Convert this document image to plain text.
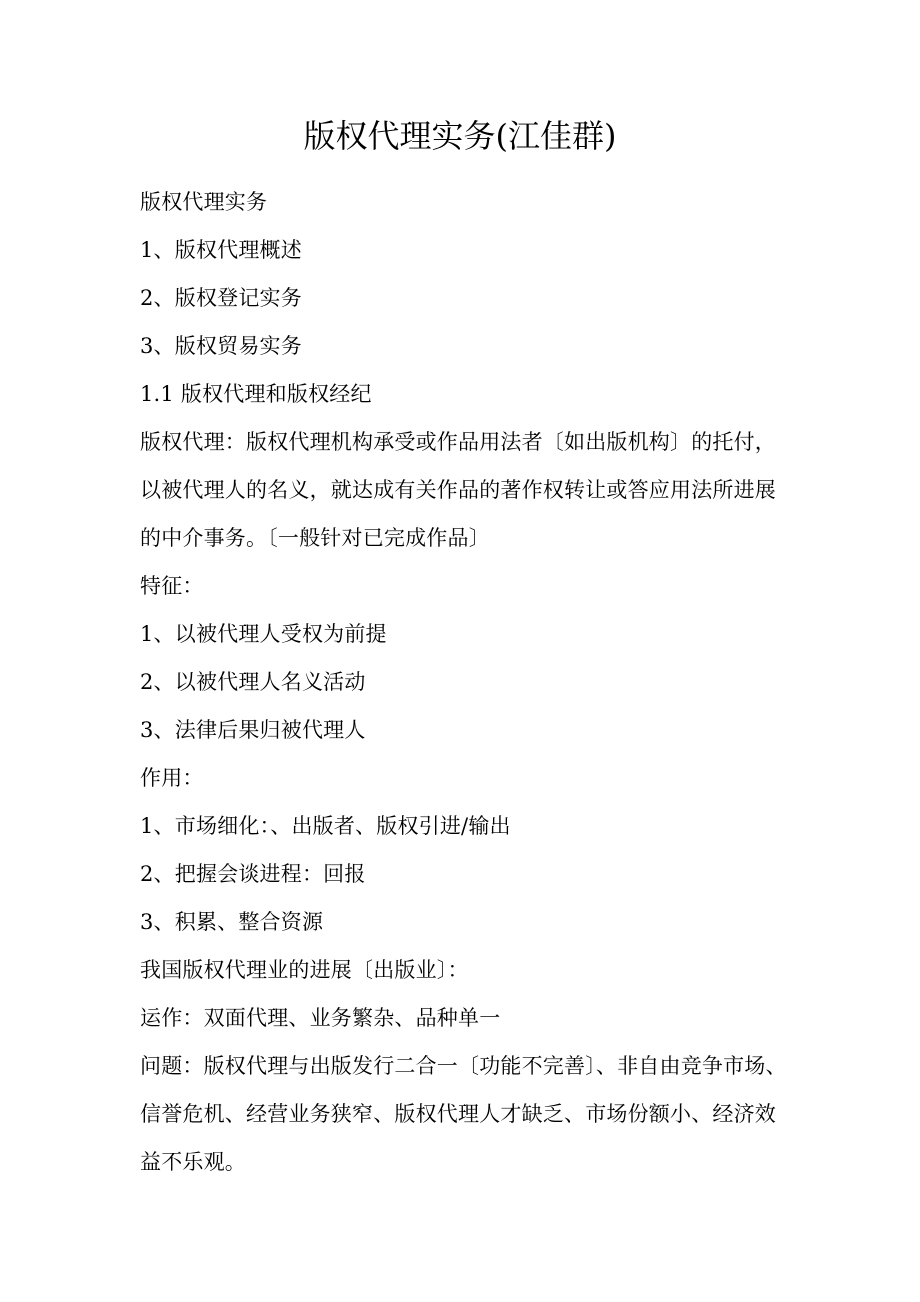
版权代理实务(江佳群)
版权代理实务
1、版权代理概述
2、版权登记实务
3、版权贸易实务
1.1 版权代理和版权经纪
版权代理：版权代理机构承受或作品用法者〔如出版机构〕的托付，
以被代理人的名义，就达成有关作品的著作权转让或答应用法所进展
的中介事务。〔一般针对已完成作品〕
特征：
1、以被代理人受权为前提
2、以被代理人名义活动
3、法律后果归被代理人
作用：
1、市场细化：、出版者、版权引进/输出
2、把握会谈进程：回报
3、积累、整合资源
我国版权代理业的进展〔出版业〕：
运作：双面代理、业务繁杂、品种单一
问题：版权代理与出版发行二合一〔功能不完善〕、非自由竞争市场、
信誉危机、经营业务狭窄、版权代理人才缺乏、市场份额小、经济效
益不乐观。
